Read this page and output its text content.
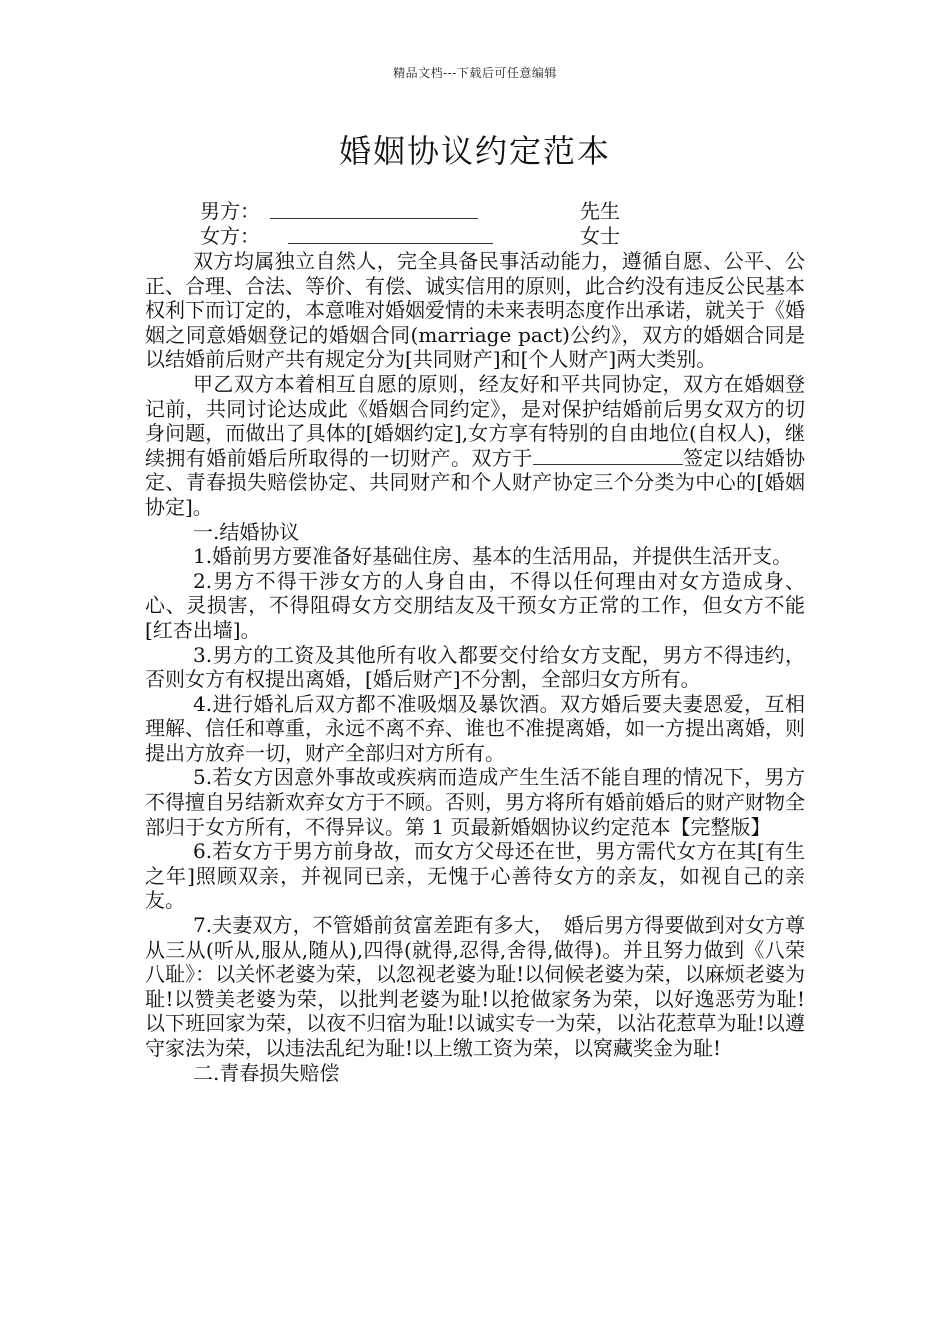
精品文档---下载后可任意编辑
婚姻协议约定范本
男方：	先生
女方：	女士

双方均属独立自然人，完全具备民事活动能力，遵循自愿、公平、公正、合理、合法、等价、有偿、诚实信用的原则，此合约没有违反公民基本权利下而订定的，本意唯对婚姻爱情的未来表明态度作出承诺，就关于《婚姻之同意婚姻登记的婚姻合同(marriage pact)公约》，双方的婚姻合同是以结婚前后财产共有规定分为[共同财产]和[个人财产]两大类别。

甲乙双方本着相互自愿的原则，经友好和平共同协定，双方在婚姻登记前，共同讨论达成此《婚姻合同约定》，是对保护结婚前后男女双方的切身问题，而做出了具体的[婚姻约定],女方享有特别的自由地位(自权人)，继续拥有婚前婚后所取得的一切财产。双方于	签定以结婚协定、青春损失赔偿协定、共同财产和个人财产协定三个分类为中心的[婚姻协定]。

一.结婚协议

1.婚前男方要准备好基础住房、基本的生活用品，并提供生活开支。

2.男方不得干涉女方的人身自由，不得以任何理由对女方造成身、心、灵损害，不得阻碍女方交朋结友及干预女方正常的工作，但女方不能[红杏出墙]。

3.男方的工资及其他所有收入都要交付给女方支配，男方不得违约，否则女方有权提出离婚，[婚后财产]不分割，全部归女方所有。

4.进行婚礼后双方都不准吸烟及暴饮酒。双方婚后要夫妻恩爱，互相理解、信任和尊重，永远不离不弃、谁也不准提离婚，如一方提出离婚，则提出方放弃一切，财产全部归对方所有。

5.若女方因意外事故或疾病而造成产生生活不能自理的情况下，男方不得擅自另结新欢弃女方于不顾。否则，男方将所有婚前婚后的财产财物全部归于女方所有，不得异议。第 1 页最新婚姻协议约定范本【完整版】

6.若女方于男方前身故，而女方父母还在世，男方需代女方在其[有生之年]照顾双亲，并视同已亲，无愧于心善待女方的亲友，如视自己的亲友。

7.夫妻双方，不管婚前贫富差距有多大，　婚后男方得要做到对女方尊从三从(听从,服从,随从),四得(就得,忍得,舍得,做得)。并且努力做到《八荣八耻》：以关怀老婆为荣，以忽视老婆为耻!以伺候老婆为荣，以麻烦老婆为耻!以赞美老婆为荣，以批判老婆为耻!以抢做家务为荣，以好逸恶劳为耻!以下班回家为荣，以夜不归宿为耻!以诚实专一为荣，以沾花惹草为耻!以遵守家法为荣，以违法乱纪为耻!以上缴工资为荣，以窝藏奖金为耻!

二.青春损失赔偿
